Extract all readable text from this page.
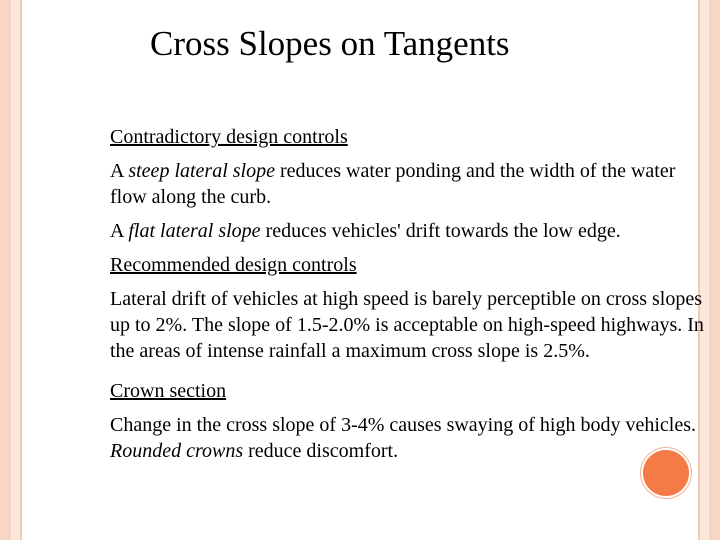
Cross Slopes on Tangents
Contradictory design controls
A steep lateral slope reduces water ponding and the width of the water flow along the curb.
A flat lateral slope reduces vehicles' drift towards the low edge.
Recommended design controls
Lateral drift of vehicles at high speed is barely perceptible on cross slopes up to 2%. The slope of 1.5-2.0% is acceptable on high-speed highways. In the areas of intense rainfall a maximum cross slope is 2.5%.
Crown section
Change in the cross slope of 3-4% causes swaying of high body vehicles. Rounded crowns reduce discomfort.
